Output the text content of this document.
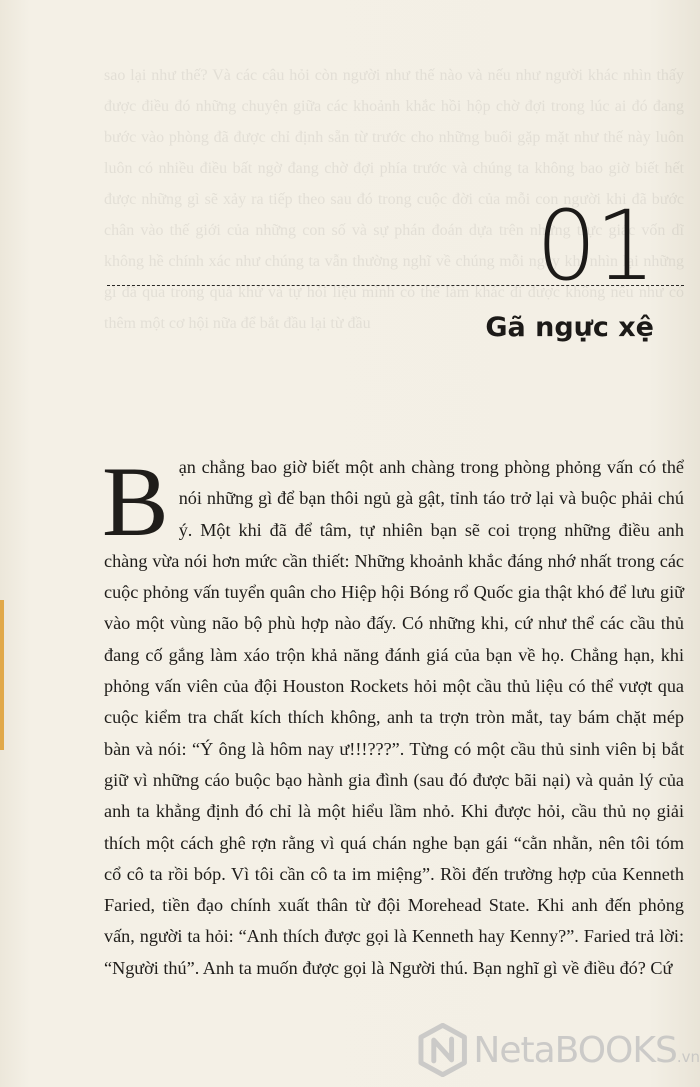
sao lại như thế? Và các câu hỏi còn người như thế nào và nếu như người khác nhìn thấy được điều đó những chuyện giữa các khoảnh khắc hồi hộp chờ đợi trong lúc ai đó đang bước vào phòng đã được chỉ định sẵn từ trước cho những buổi gặp mặt như thế này luôn luôn có nhiều điều bất ngờ đang chờ đợi phía trước và chúng ta không bao giờ biết hết được những gì sẽ xảy ra tiếp theo sau đó trong cuộc đời của mỗi con người khi đã bước chân vào thế giới của những con số và sự phán đoán dựa trên những trực giác vốn dĩ không hề chính xác như chúng ta vẫn thường nghĩ về chúng mỗi ngày khi nhìn lại những gì đã qua trong quá khứ và tự hỏi liệu mình có thể làm khác đi được không nếu như có thêm một cơ hội nữa để bắt đầu lại từ đầu
01
Gã ngực xệ
Bạn chẳng bao giờ biết một anh chàng trong phòng phỏng vấn có thể nói những gì để bạn thôi ngủ gà gật, tỉnh táo trở lại và buộc phải chú ý. Một khi đã để tâm, tự nhiên bạn sẽ coi trọng những điều anh chàng vừa nói hơn mức cần thiết: Những khoảnh khắc đáng nhớ nhất trong các cuộc phỏng vấn tuyển quân cho Hiệp hội Bóng rổ Quốc gia thật khó để lưu giữ vào một vùng não bộ phù hợp nào đấy. Có những khi, cứ như thể các cầu thủ đang cố gắng làm xáo trộn khả năng đánh giá của bạn về họ. Chẳng hạn, khi phỏng vấn viên của đội Houston Rockets hỏi một cầu thủ liệu có thể vượt qua cuộc kiểm tra chất kích thích không, anh ta trợn tròn mắt, tay bám chặt mép bàn và nói: “Ý ông là hôm nay ư!!!???”. Từng có một cầu thủ sinh viên bị bắt giữ vì những cáo buộc bạo hành gia đình (sau đó được bãi nại) và quản lý của anh ta khẳng định đó chỉ là một hiểu lầm nhỏ. Khi được hỏi, cầu thủ nọ giải thích một cách ghê rợn rằng vì quá chán nghe bạn gái “cằn nhằn, nên tôi tóm cổ cô ta rồi bóp. Vì tôi cần cô ta im miệng”. Rồi đến trường hợp của Kenneth Faried, tiền đạo chính xuất thân từ đội Morehead State. Khi anh đến phỏng vấn, người ta hỏi: “Anh thích được gọi là Kenneth hay Kenny?”. Faried trả lời: “Người thú”. Anh ta muốn được gọi là Người thú. Bạn nghĩ gì về điều đó? Cứ
NetaBOOKS.vn
